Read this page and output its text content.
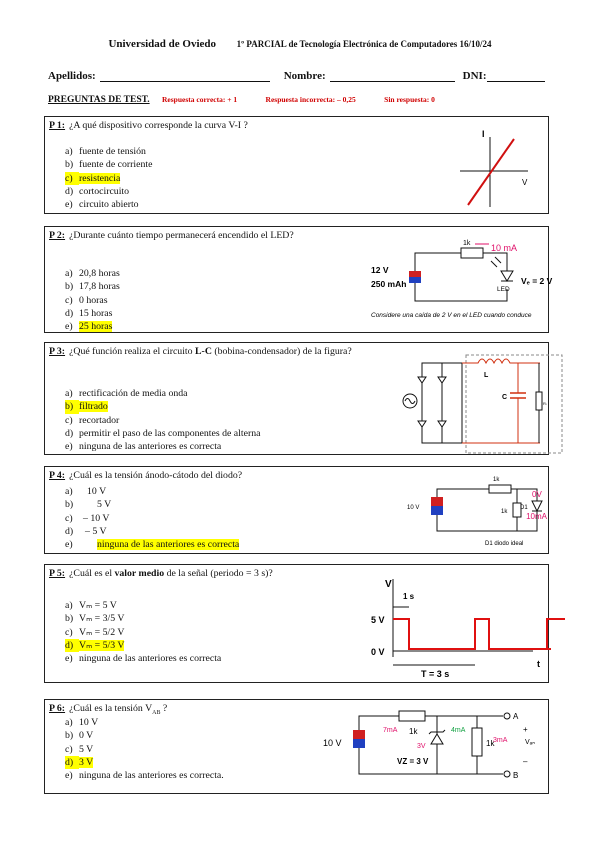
Universidad de Oviedo 1º PARCIAL de Tecnología Electrónica de Computadores 16/10/24
Apellidos:	Nombre:	DNI:
PREGUNTAS DE TEST. Respuesta correcta: + 1	Respuesta incorrecta: – 0,25	Sin respuesta: 0
P 1: ¿A qué dispositivo corresponde la curva V-I ?
a) fuente de tensión
b) fuente de corriente
c) resistencia
d) cortocircuito
e) circuito abierto
I
V
P 2: ¿Durante cuánto tiempo permanecerá encendido el LED?
a) 20,8 horas
b) 17,8 horas
c) 0 horas
d) 15 horas
e) 25 horas
1k
12 V
250 mAh
LED
Vₑ = 2 V
Considere una caída de 2 V en el LED cuando conduce
10 mA
P 3: ¿Qué función realiza el circuito L-C (bobina-condensador) de la figura?
a) rectificación de media onda
b) filtrado
c) recortador
d) permitir el paso de las componentes de alterna
e) ninguna de las anteriores es correcta
L
C
Rₗ
P 4: ¿Cuál es la tensión ánodo-cátodo del diodo?
a) 10 V
b) 5 V
c) – 10 V
d) – 5 V
e) ninguna de las anteriores es correcta
1k
1k
10 V	D1
D1 diodo ideal
0V
10mA
P 5: ¿Cuál es el valor medio de la señal (periodo = 3 s)?
a) Vₘ = 5 V
b) Vₘ = 3/5 V
c) Vₘ = 5/2 V
d) Vₘ = 5/3 V
e) ninguna de las anteriores es correcta
V
t
5 V
0 V
1 s
T = 3 s
P 6: ¿Cuál es la tensión $V_{AB}$ ?
a) 10 V
b) 0 V
c) 5 V
d) 3 V
e) ninguna de las anteriores es correcta.
10 V
1k
1k
VZ = 3 V
A
B
Vₐₙ
+
–
7mA	4mA
3V
3mA
